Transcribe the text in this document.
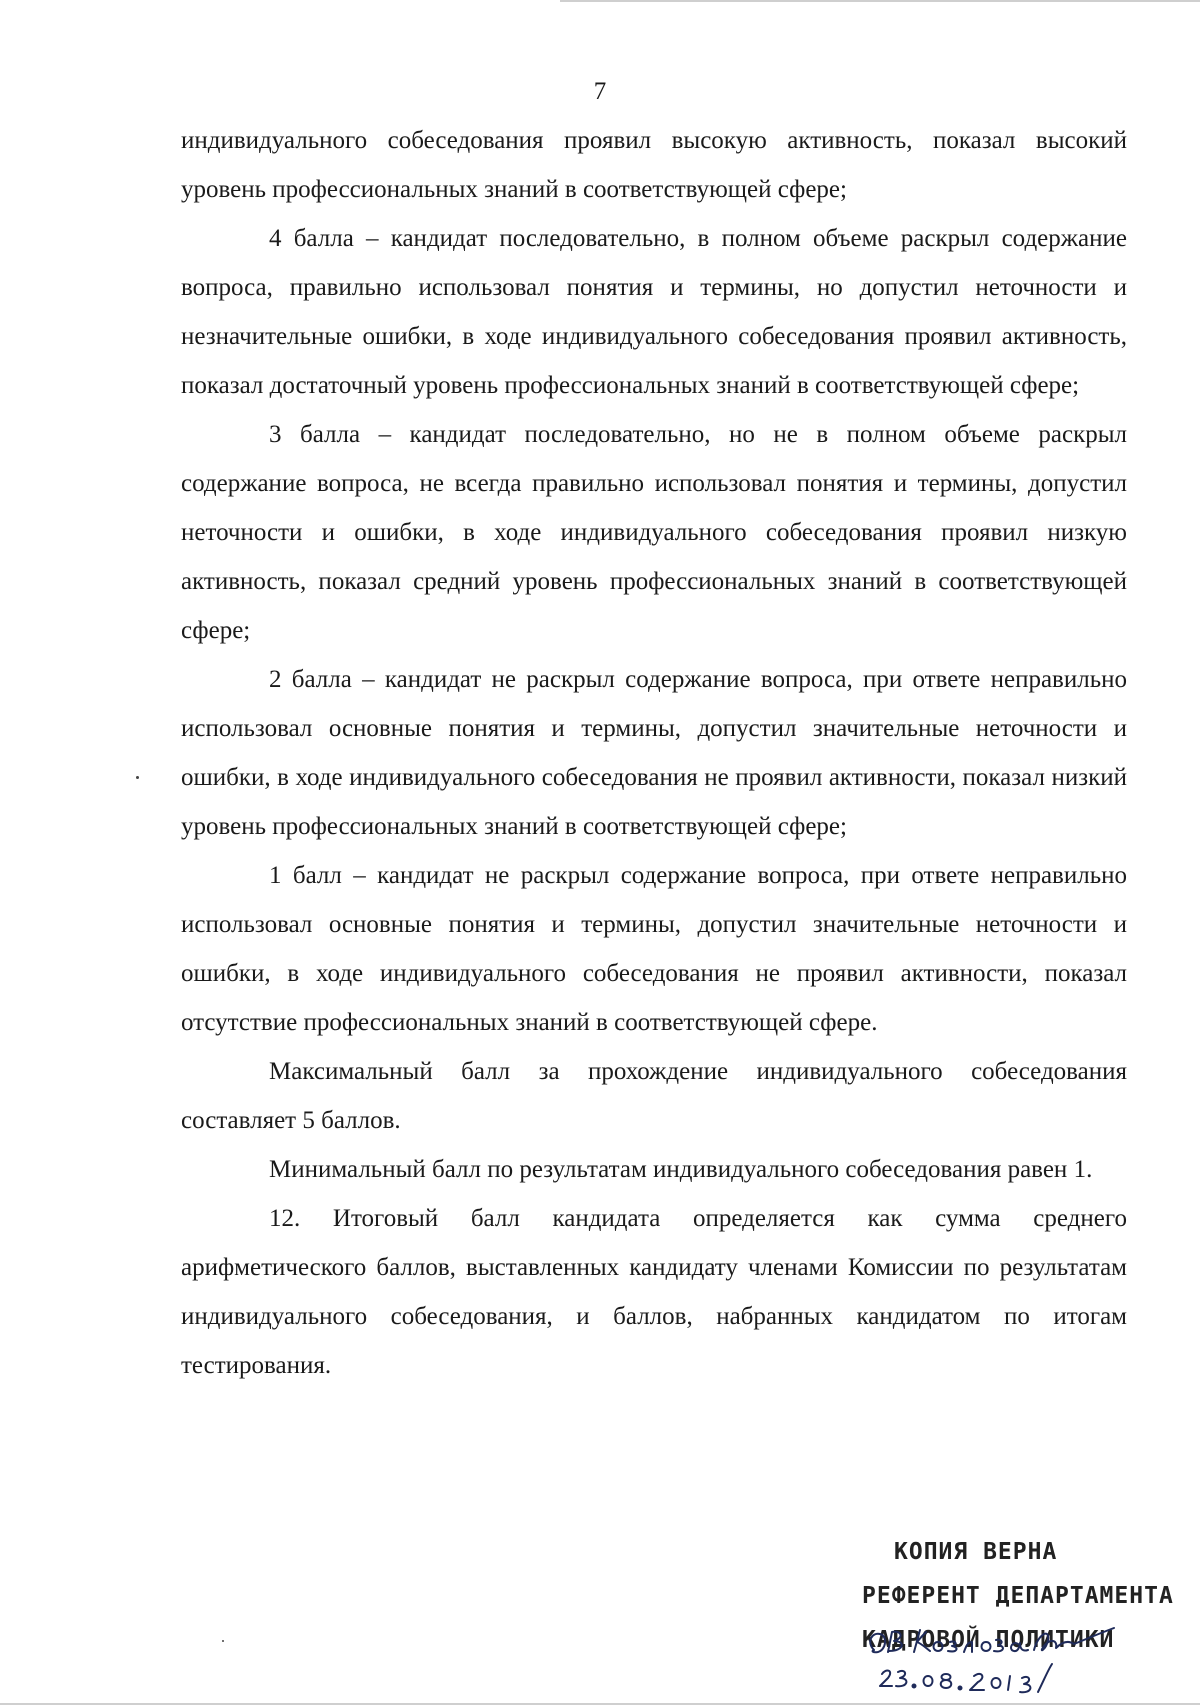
7

индивидуального собеседования проявил высокую активность, показал высокий уровень профессиональных знаний в соответствующей сфере;

4 балла – кандидат последовательно, в полном объеме раскрыл содержание вопроса, правильно использовал понятия и термины, но допустил неточности и незначительные ошибки, в ходе индивидуального собеседования проявил активность, показал достаточный уровень профессиональных знаний в соответствующей сфере;

3 балла – кандидат последовательно, но не в полном объеме раскрыл содержание вопроса, не всегда правильно использовал понятия и термины, допустил неточности и ошибки, в ходе индивидуального собеседования проявил низкую активность, показал средний уровень профессиональных знаний в соответствующей сфере;

2 балла – кандидат не раскрыл содержание вопроса, при ответе неправильно использовал основные понятия и термины, допустил значительные неточности и ошибки, в ходе индивидуального собеседования не проявил активности, показал низкий уровень профессиональных знаний в соответствующей сфере;

1 балл – кандидат не раскрыл содержание вопроса, при ответе неправильно использовал основные понятия и термины, допустил значительные неточности и ошибки, в ходе индивидуального собеседования не проявил активности, показал отсутствие профессиональных знаний в соответствующей сфере.

Максимальный балл за прохождение индивидуального собеседования составляет 5 баллов.

Минимальный балл по результатам индивидуального собеседования равен 1.

12. Итоговый балл кандидата определяется как сумма среднего арифметического баллов, выставленных кандидату членами Комиссии по результатам индивидуального собеседования, и баллов, набранных кандидатом по итогам тестирования.

КОПИЯ ВЕРНА
РЕФЕРЕНТ ДЕПАРТАМЕНТА
КАДРОВОЙ ПОЛИТИКИ
